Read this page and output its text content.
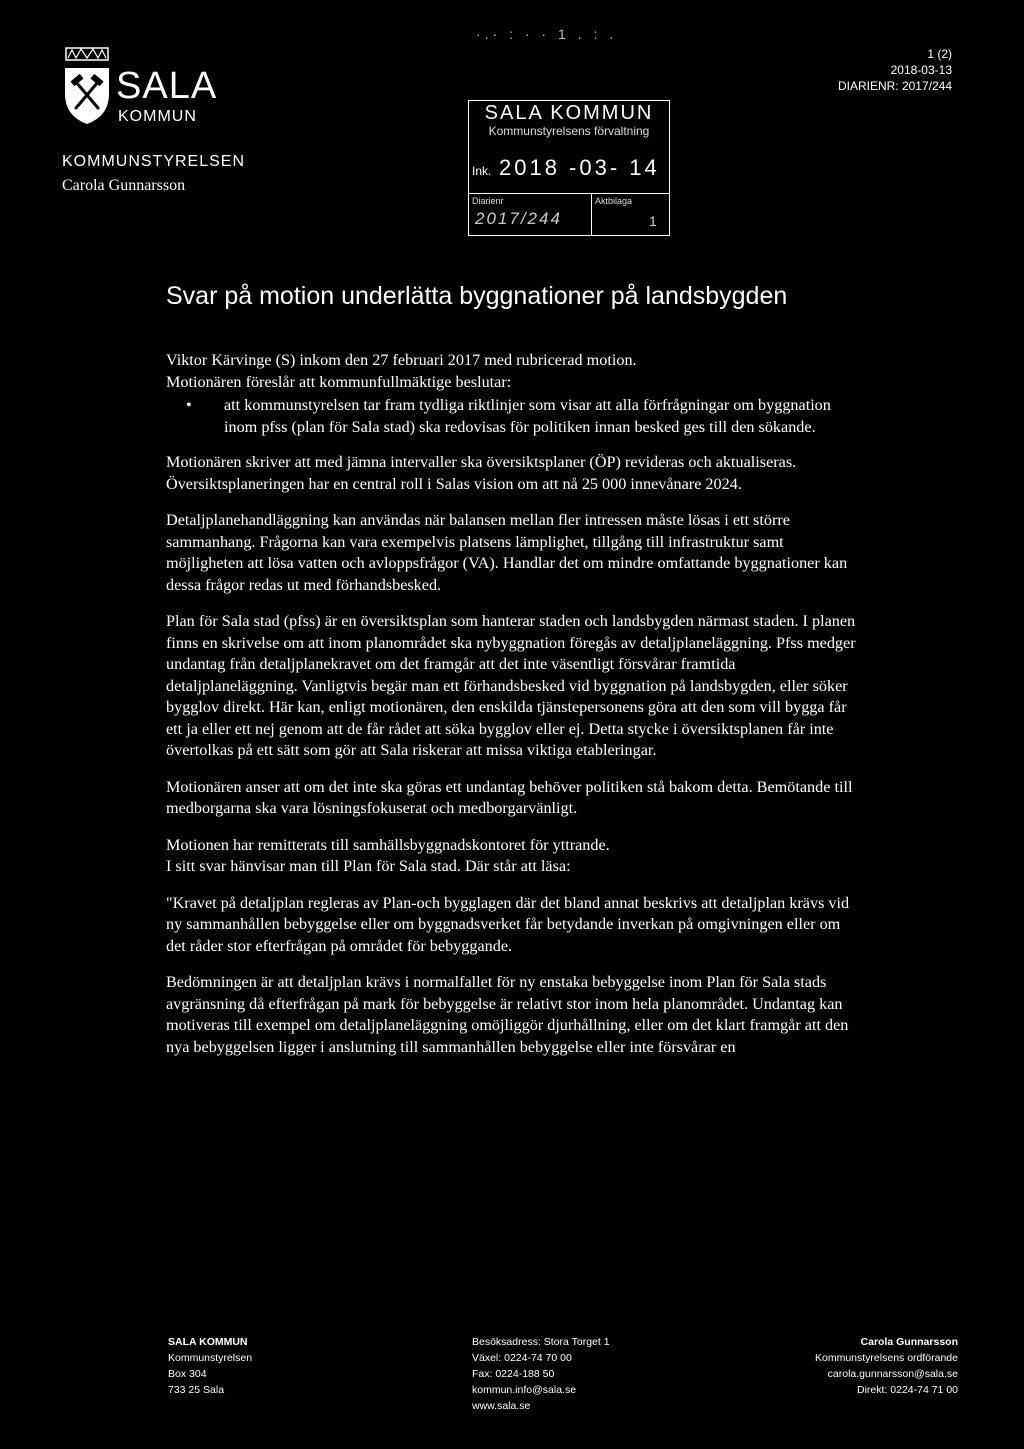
SALA
KOMMUN
KOMMUNSTYRELSEN
Carola Gunnarsson
·.· : · · 1 . : .
1 (2)
2018-03-13
DIARIENR: 2017/244
SALA KOMMUN
Kommunstyrelsens förvaltning
Ink. 2018 -03- 14
Diarienr	Aktbilaga
2017/244	1
Svar på motion underlätta byggnationer på landsbygden

Viktor Kärvinge (S) inkom den 27 februari 2017 med rubricerad motion.
Motionären föreslår att kommunfullmäktige beslutar:

• att kommunstyrelsen tar fram tydliga riktlinjer som visar att alla förfrågningar om byggnation inom pfss (plan för Sala stad) ska redovisas för politiken innan besked ges till den sökande.

Motionären skriver att med jämna intervaller ska översiktsplaner (ÖP) revideras och aktualiseras. Översiktsplaneringen har en central roll i Salas vision om att nå 25 000 innevånare 2024.

Detaljplanehandläggning kan användas när balansen mellan fler intressen måste lösas i ett större sammanhang. Frågorna kan vara exempelvis platsens lämplighet, tillgång till infrastruktur samt möjligheten att lösa vatten och avloppsfrågor (VA). Handlar det om mindre omfattande byggnationer kan dessa frågor redas ut med förhandsbesked.

Plan för Sala stad (pfss) är en översiktsplan som hanterar staden och landsbygden närmast staden. I planen finns en skrivelse om att inom planområdet ska nybyggnation föregås av detaljplaneläggning. Pfss medger undantag från detaljplanekravet om det framgår att det inte väsentligt försvårar framtida detaljplaneläggning. Vanligtvis begär man ett förhandsbesked vid byggnation på landsbygden, eller söker bygglov direkt. Här kan, enligt motionären, den enskilda tjänstepersonens göra att den som vill bygga får ett ja eller ett nej genom att de får rådet att söka bygglov eller ej. Detta stycke i översiktsplanen får inte övertolkas på ett sätt som gör att Sala riskerar att missa viktiga etableringar.

Motionären anser att om det inte ska göras ett undantag behöver politiken stå bakom detta. Bemötande till medborgarna ska vara lösningsfokuserat och medborgarvänligt.

Motionen har remitterats till samhällsbyggnadskontoret för yttrande.
I sitt svar hänvisar man till Plan för Sala stad. Där står att läsa:

"Kravet på detaljplan regleras av Plan-och bygglagen där det bland annat beskrivs att detaljplan krävs vid ny sammanhållen bebyggelse eller om byggnadsverket får betydande inverkan på omgivningen eller om det råder stor efterfrågan på området för bebyggande.

Bedömningen är att detaljplan krävs i normalfallet för ny enstaka bebyggelse inom Plan för Sala stads avgränsning då efterfrågan på mark för bebyggelse är relativt stor inom hela planområdet. Undantag kan motiveras till exempel om detaljplaneläggning omöjliggör djurhållning, eller om det klart framgår att den nya bebyggelsen ligger i anslutning till sammanhållen bebyggelse eller inte försvårar en

SALA KOMMUN
Kommunstyrelsen
Box 304
733 25 Sala
Besöksadress: Stora Torget 1
Växel: 0224-74 70 00
Fax: 0224-188 50
kommun.info@sala.se
www.sala.se
Carola Gunnarsson
Kommunstyrelsens ordförande
carola.gunnarsson@sala.se
Direkt: 0224-74 71 00
